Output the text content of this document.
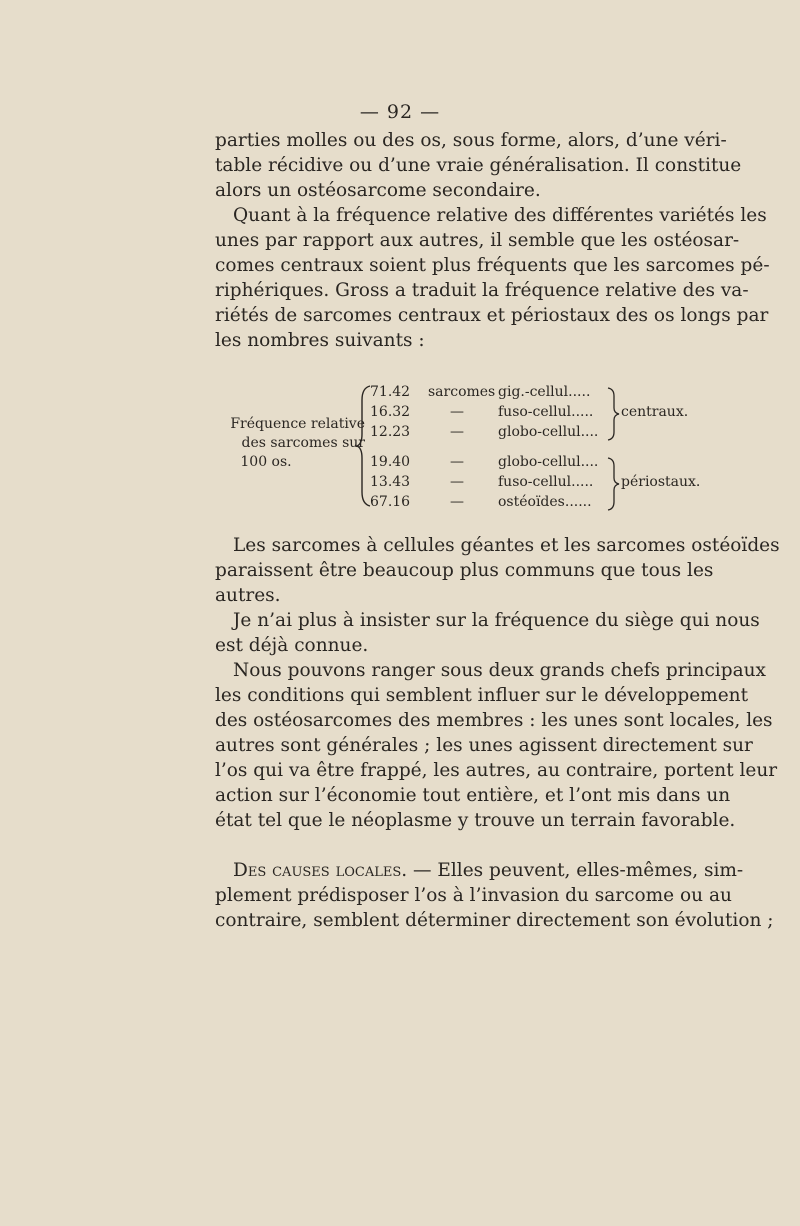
— 92 —
parties molles ou des os, sous forme, alors, d’une véri-
table récidive ou d’une vraie généralisation. Il constitue
alors un ostéosarcome secondaire.
Quant à la fréquence relative des différentes variétés les
unes par rapport aux autres, il semble que les ostéosar-
comes centraux soient plus fréquents que les sarcomes pé-
riphériques. Gross a traduit la fréquence relative des va-
riétés de sarcomes centraux et périostaux des os longs par
les nombres suivants :
Fréquence relative
des sarcomes sur
100 os.
71.42 sarcomes gig.-cellul.....
16.32	— fuso-cellul.....
12.23	— globo-cellul....
19.40	— globo-cellul....
13.43	— fuso-cellul.....
67.16	— ostéoïdes......
centraux.
périostaux.
Les sarcomes à cellules géantes et les sarcomes ostéoïdes
paraissent être beaucoup plus communs que tous les
autres.
Je n’ai plus à insister sur la fréquence du siège qui nous
est déjà connue.
Nous pouvons ranger sous deux grands chefs principaux
les conditions qui semblent influer sur le développement
des ostéosarcomes des membres : les unes sont locales, les
autres sont générales ; les unes agissent directement sur
l’os qui va être frappé, les autres, au contraire, portent leur
action sur l’économie tout entière, et l’ont mis dans un
état tel que le néoplasme y trouve un terrain favorable.
Des causes locales. — Elles peuvent, elles-mêmes, sim-
plement prédisposer l’os à l’invasion du sarcome ou au
contraire, semblent déterminer directement son évolution ;
